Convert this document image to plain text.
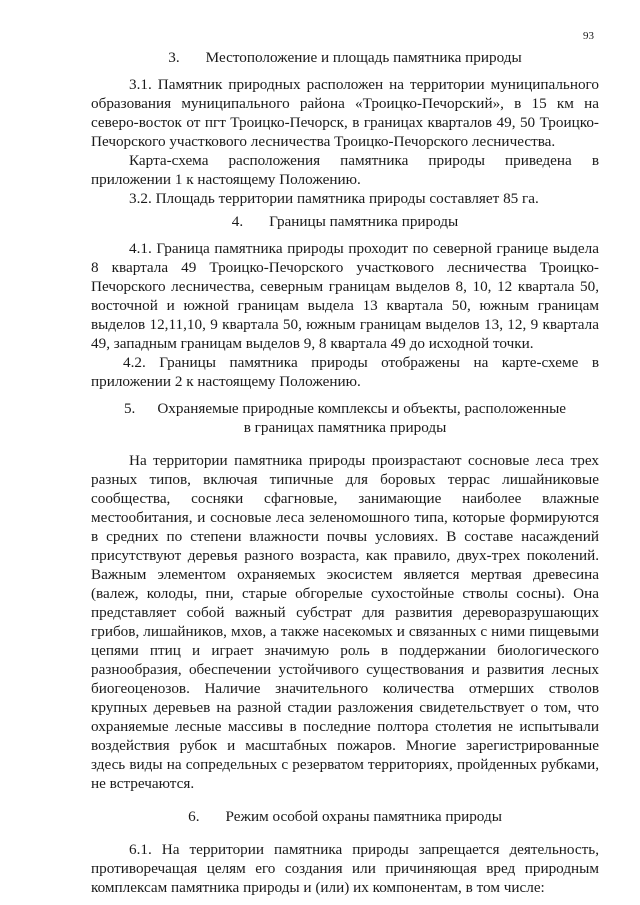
93

3. Местоположение и площадь памятника природы

3.1. Памятник природных расположен на территории муниципального образования муниципального района «Троицко-Печорский», в 15 км на северо-восток от пгт Троицко-Печорск, в границах кварталов 49, 50 Троицко-Печорского участкового лесничества Троицко-Печорского лесничества.

Карта-схема расположения памятника природы приведена в приложении 1 к настоящему Положению.

3.2. Площадь территории памятника природы составляет 85 га.

4. Границы памятника природы

4.1. Граница памятника природы проходит по северной границе выдела 8 квартала 49 Троицко-Печорского участкового лесничества Троицко-Печорского лесничества, северным границам выделов 8, 10, 12 квартала 50, восточной и южной границам выдела 13 квартала 50, южным границам выделов 12,11,10, 9 квартала 50, южным границам выделов 13, 12, 9 квартала 49, западным границам выделов 9, 8 квартала 49 до исходной точки.

4.2. Границы памятника природы отображены на карте-схеме в приложении 2 к настоящему Положению.

5. Охраняемые природные комплексы и объекты, расположенные
в границах памятника природы

На территории памятника природы произрастают сосновые леса трех разных типов, включая типичные для боровых террас лишайниковые сообщества, сосняки сфагновые, занимающие наиболее влажные местообитания, и сосновые леса зеленомошного типа, которые формируются в средних по степени влажности почвы условиях. В составе насаждений присутствуют деревья разного возраста, как правило, двух-трех поколений. Важным элементом охраняемых экосистем является мертвая древесина (валеж, колоды, пни, старые обгорелые сухостойные стволы сосны). Она представляет собой важный субстрат для развития дереворазрушающих грибов, лишайников, мхов, а также насекомых и связанных с ними пищевыми цепями птиц и играет значимую роль в поддержании биологического разнообразия, обеспечении устойчивого существования и развития лесных биогеоценозов. Наличие значительного количества отмерших стволов крупных деревьев на разной стадии разложения свидетельствует о том, что охраняемые лесные массивы в последние полтора столетия не испытывали воздействия рубок и масштабных пожаров. Многие зарегистрированные здесь виды на сопредельных с резерватом территориях, пройденных рубками, не встречаются.

6. Режим особой охраны памятника природы

6.1. На территории памятника природы запрещается деятельность, противоречащая целям его создания или причиняющая вред природным комплексам памятника природы и (или) их компонентам, в том числе:
